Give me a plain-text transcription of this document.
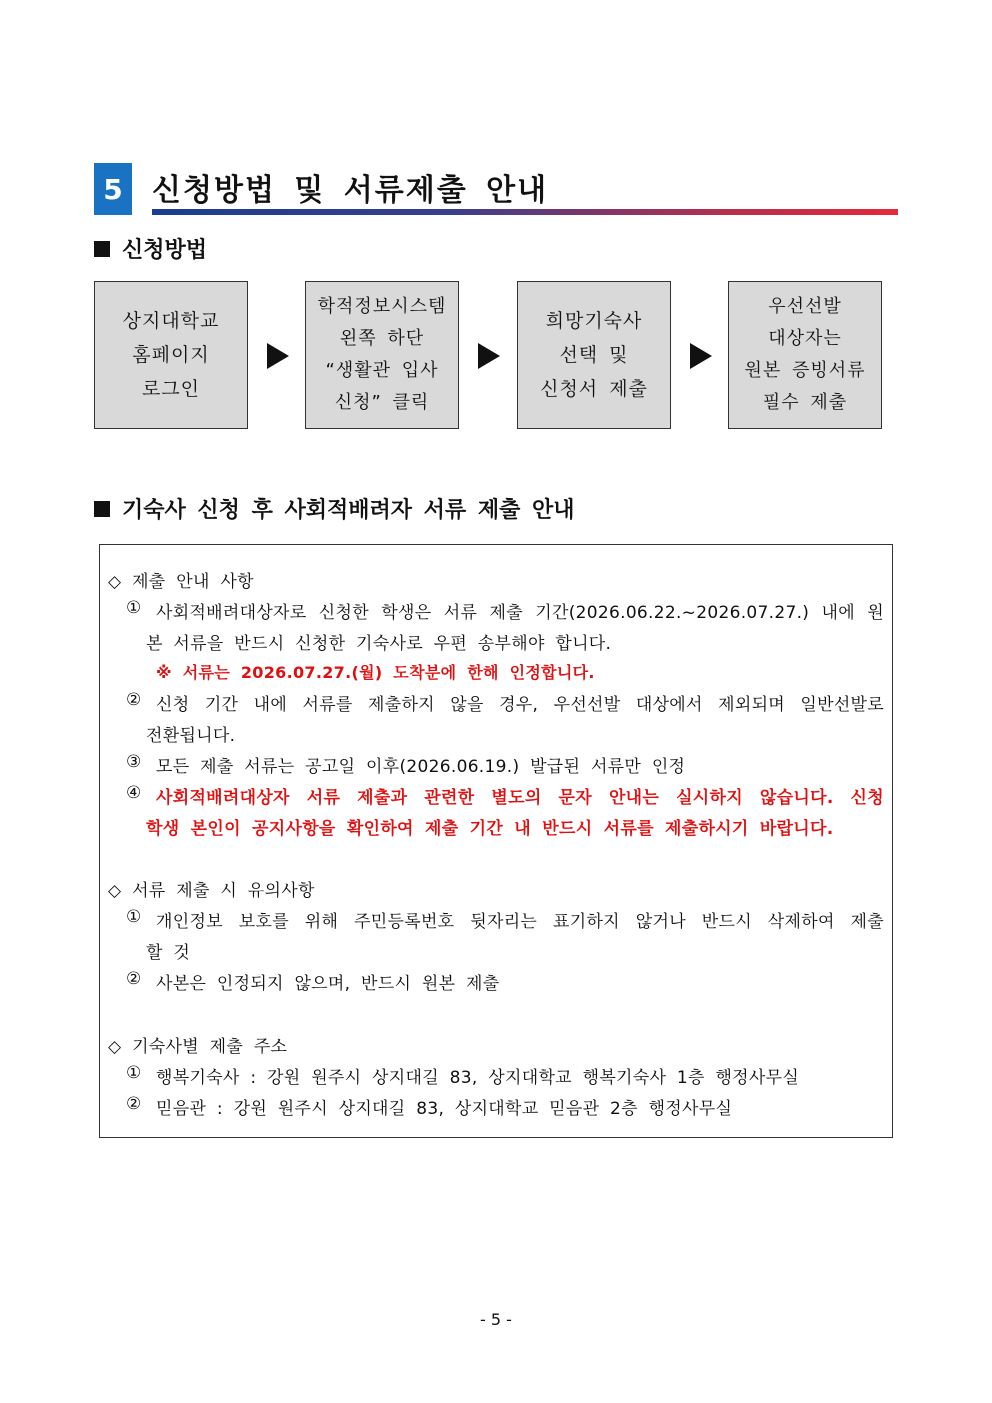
5 신청방법 및 서류제출 안내
신청방법
상지대학교
홈페이지
로그인
학적정보시스템
왼쪽 하단
“생활관 입사
신청” 클릭
희망기숙사
선택 및
신청서 제출
우선선발
대상자는
원본 증빙서류
필수 제출
기숙사 신청 후 사회적배려자 서류 제출 안내
◇ 제출 안내 사항
① 사회적배려대상자로 신청한 학생은 서류 제출 기간(2026.06.22.~2026.07.27.) 내에 원
본 서류을 반드시 신청한 기숙사로 우편 송부해야 합니다.
※ 서류는 2026.07.27.(월) 도착분에 한해 인정합니다.
② 신청 기간 내에 서류를 제출하지 않을 경우, 우선선발 대상에서 제외되며 일반선발로
전환됩니다.
③ 모든 제출 서류는 공고일 이후(2026.06.19.) 발급된 서류만 인정
④ 사회적배려대상자 서류 제출과 관련한 별도의 문자 안내는 실시하지 않습니다. 신청
학생 본인이 공지사항을 확인하여 제출 기간 내 반드시 서류를 제출하시기 바랍니다.
◇ 서류 제출 시 유의사항
① 개인정보 보호를 위해 주민등록번호 뒷자리는 표기하지 않거나 반드시 삭제하여 제출
할 것
② 사본은 인정되지 않으며, 반드시 원본 제출
◇ 기숙사별 제출 주소
① 행복기숙사 : 강원 원주시 상지대길 83, 상지대학교 행복기숙사 1층 행정사무실
② 믿음관 : 강원 원주시 상지대길 83, 상지대학교 믿음관 2층 행정사무실
- 5 -
